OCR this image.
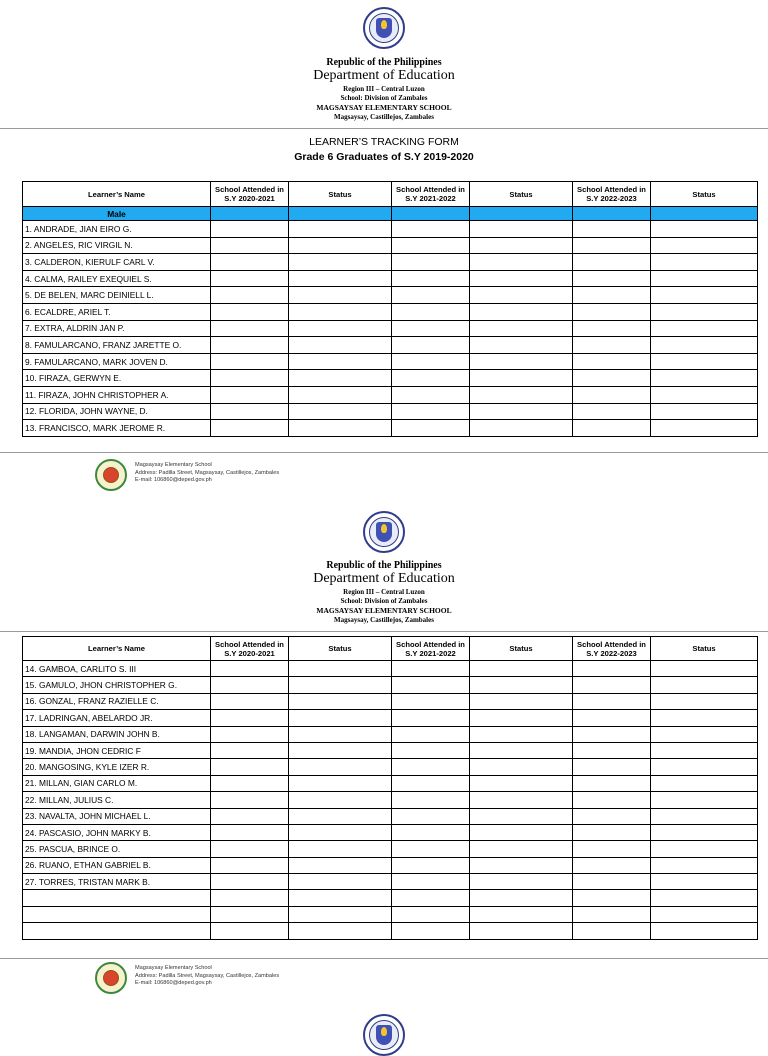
Republic of the Philippines
Department of Education
Region III – Central Luzon
School: Division of Zambales
MAGSAYSAY ELEMENTARY SCHOOL
Magsaysay, Castillejos, Zambales
LEARNER’S TRACKING FORM
Grade 6 Graduates of S.Y 2019-2020
Learner’s Name	School Attended in S.Y 2020-2021	Status	School Attended in S.Y 2021-2022	Status	School Attended in S.Y 2022-2023	Status
Male						
1. ANDRADE, JIAN EIRO G.						
2. ANGELES, RIC VIRGIL N.						
3. CALDERON, KIERULF CARL V.						
4. CALMA, RAILEY EXEQUIEL S.						
5. DE BELEN, MARC DEINIELL L.						
6. ECALDRE, ARIEL T.						
7. EXTRA, ALDRIN JAN P.						
8. FAMULARCANO, FRANZ JARETTE O.						
9. FAMULARCANO, MARK JOVEN D.						
10. FIRAZA, GERWYN E.						
11. FIRAZA, JOHN CHRISTOPHER A.						
12. FLORIDA, JOHN WAYNE, D.						
13. FRANCISCO, MARK JEROME R.						
Magsaysay Elementary School
Address: Padilla Street, Magsaysay, Castillejos, Zambales
E-mail: 106860@deped.gov.ph
Republic of the Philippines
Department of Education
Region III – Central Luzon
School: Division of Zambales
MAGSAYSAY ELEMENTARY SCHOOL
Magsaysay, Castillejos, Zambales
Learner’s Name	School Attended in S.Y 2020-2021	Status	School Attended in S.Y 2021-2022	Status	School Attended in S.Y 2022-2023	Status
14. GAMBOA, CARLITO S. III						
15. GAMULO, JHON CHRISTOPHER G.						
16. GONZAL, FRANZ RAZIELLE C.						
17. LADRINGAN, ABELARDO JR.						
18. LANGAMAN, DARWIN JOHN B.						
19. MANDIA, JHON CEDRIC F						
20. MANGOSING, KYLE IZER R.						
21. MILLAN, GIAN CARLO M.						
22. MILLAN, JULIUS C.						
23. NAVALTA, JOHN MICHAEL L.						
24. PASCASIO, JOHN MARKY B.						
25. PASCUA, BRINCE O.						
26. RUANO, ETHAN GABRIEL B.						
27. TORRES, TRISTAN MARK B.						

Magsaysay Elementary School
Address: Padilla Street, Magsaysay, Castillejos, Zambales
E-mail: 106860@deped.gov.ph
